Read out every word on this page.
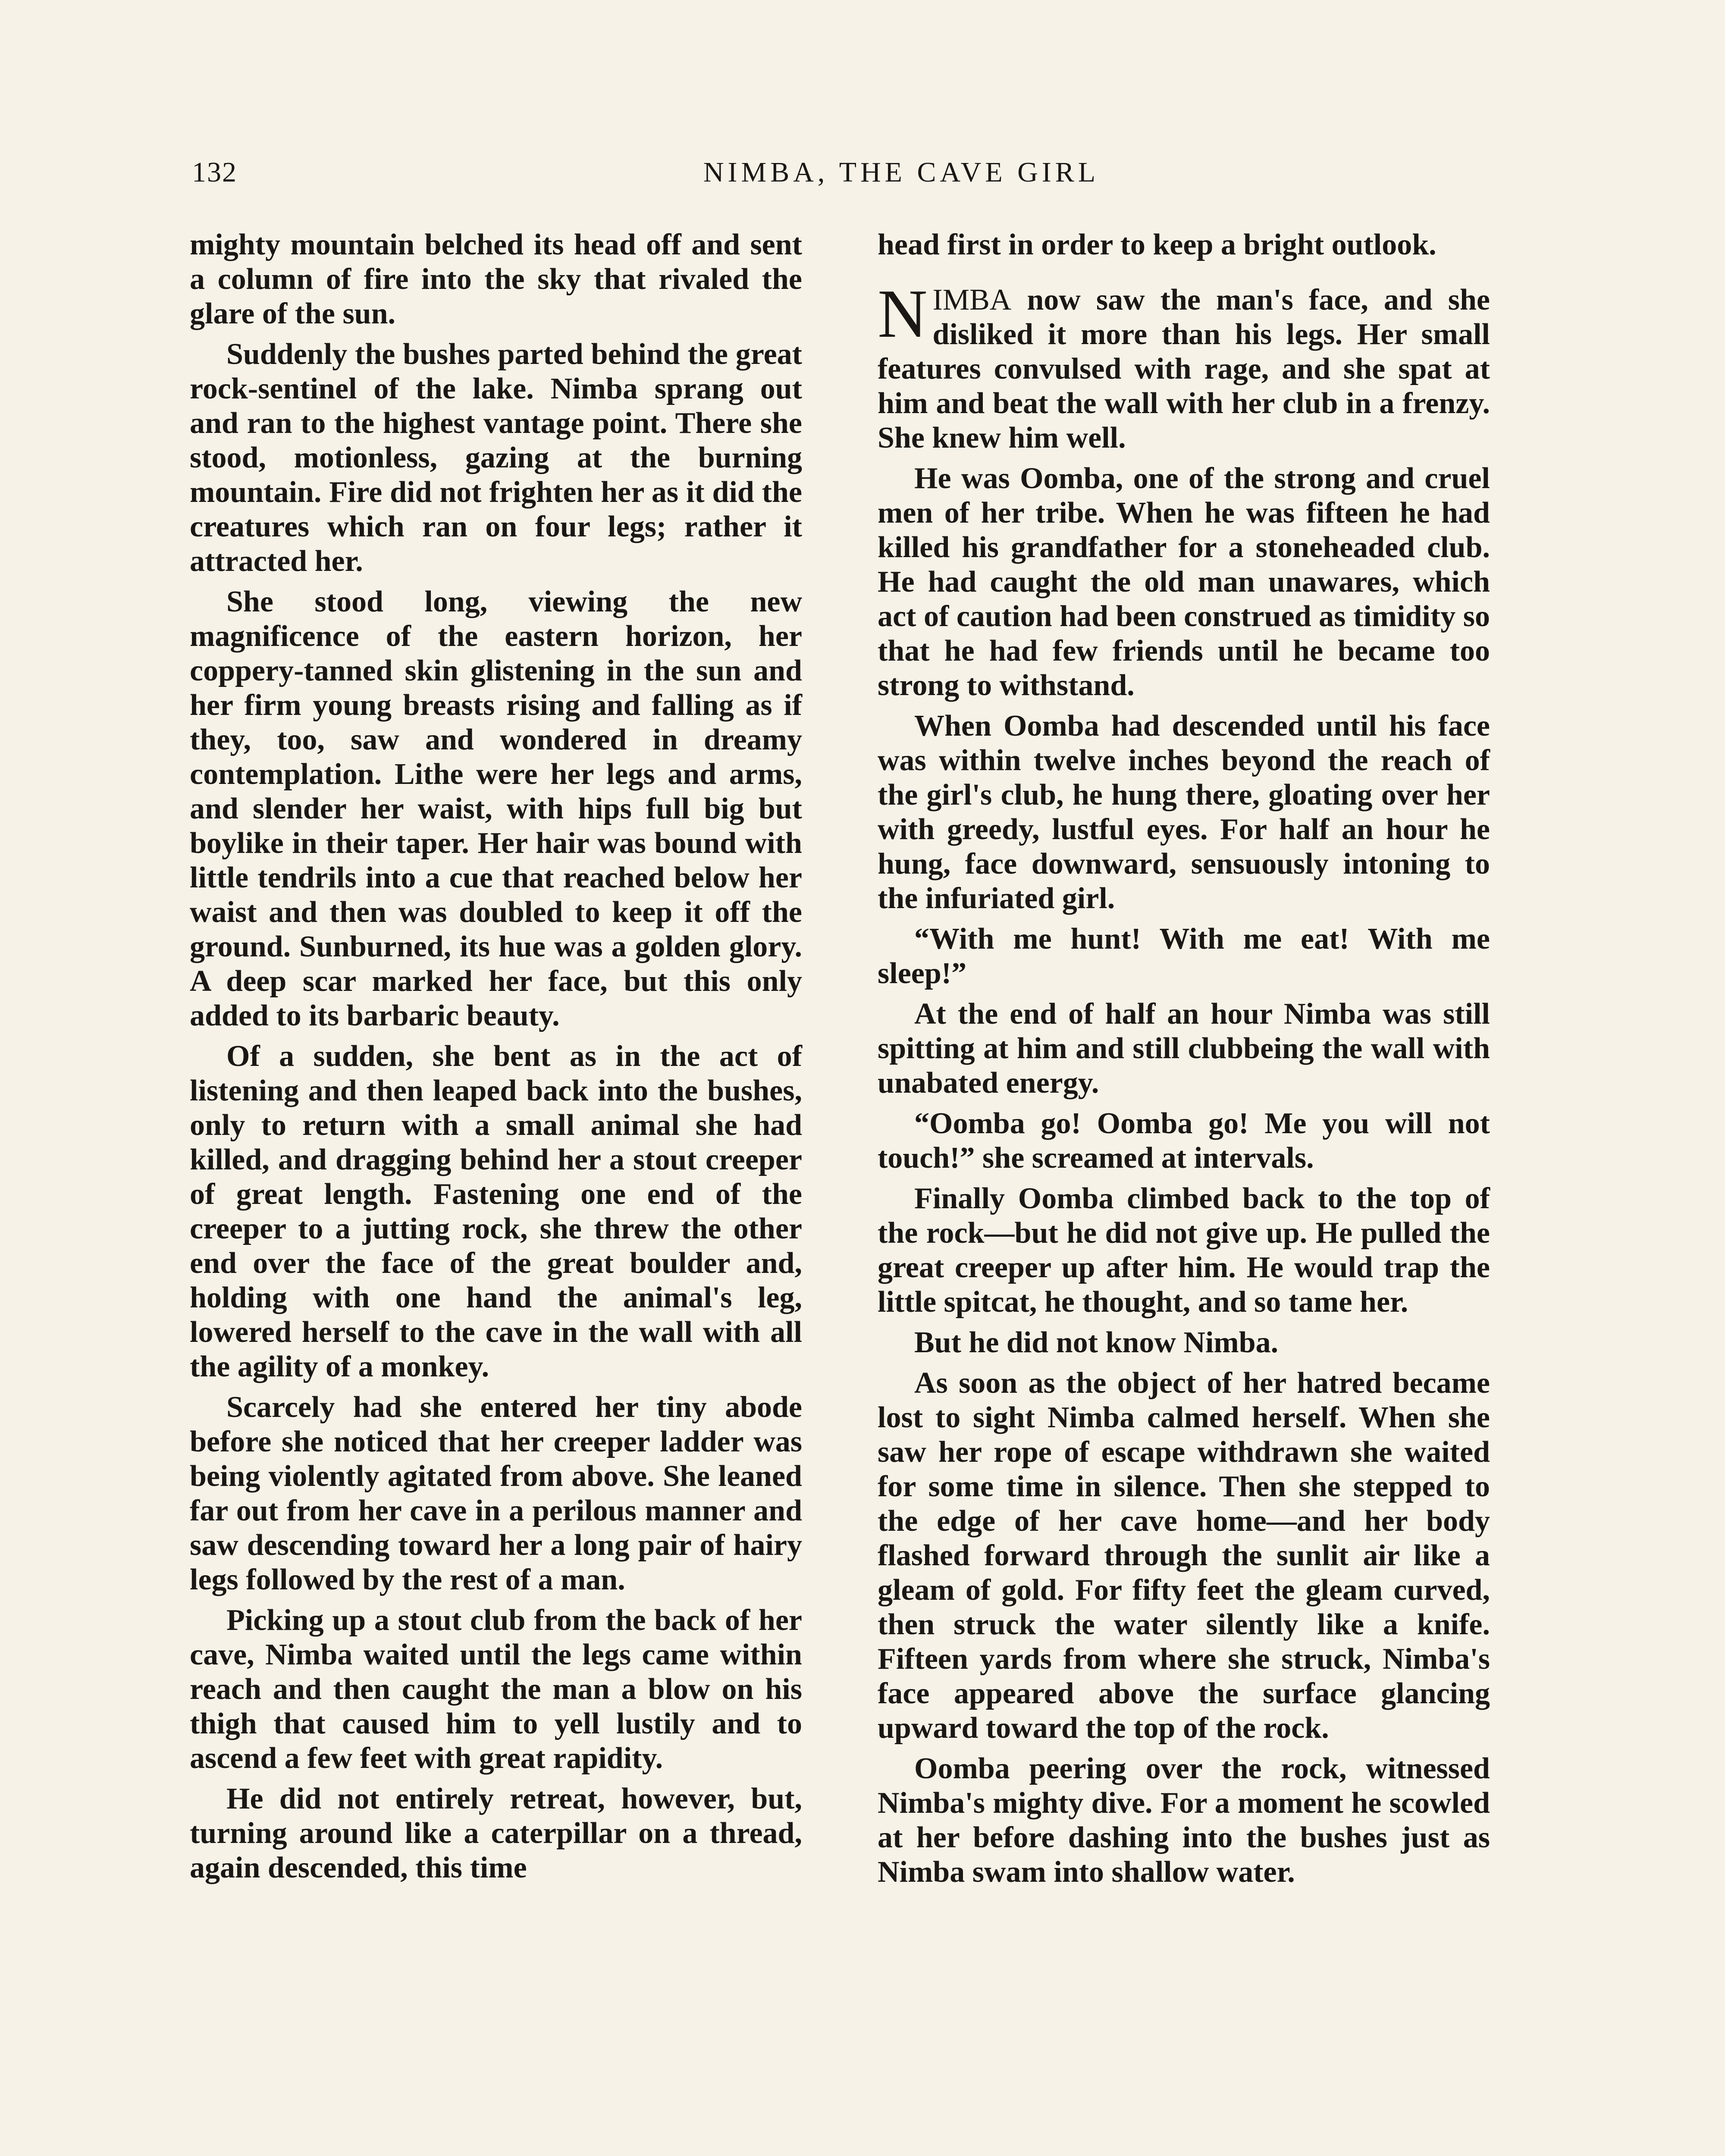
132	NIMBA, THE CAVE GIRL

mighty mountain belched its head off and sent a column of fire into the sky that rivaled the glare of the sun.

Suddenly the bushes parted behind the great rock-sentinel of the lake. Nimba sprang out and ran to the highest vantage point. There she stood, motionless, gazing at the burning mountain. Fire did not frighten her as it did the creatures which ran on four legs; rather it attracted her.

She stood long, viewing the new magnificence of the eastern horizon, her coppery-tanned skin glistening in the sun and her firm young breasts rising and falling as if they, too, saw and wondered in dreamy contemplation. Lithe were her legs and arms, and slender her waist, with hips full big but boylike in their taper. Her hair was bound with little tendrils into a cue that reached below her waist and then was doubled to keep it off the ground. Sunburned, its hue was a golden glory. A deep scar marked her face, but this only added to its barbaric beauty.

Of a sudden, she bent as in the act of listening and then leaped back into the bushes, only to return with a small animal she had killed, and dragging behind her a stout creeper of great length. Fastening one end of the creeper to a jutting rock, she threw the other end over the face of the great boulder and, holding with one hand the animal's leg, lowered herself to the cave in the wall with all the agility of a monkey.

Scarcely had she entered her tiny abode before she noticed that her creeper ladder was being violently agitated from above. She leaned far out from her cave in a perilous manner and saw descending toward her a long pair of hairy legs followed by the rest of a man.

Picking up a stout club from the back of her cave, Nimba waited until the legs came within reach and then caught the man a blow on his thigh that caused him to yell lustily and to ascend a few feet with great rapidity.

He did not entirely retreat, however, but, turning around like a caterpillar on a thread, again descended, this time

head first in order to keep a bright outlook.

NIMBA now saw the man's face, and she disliked it more than his legs. Her small features convulsed with rage, and she spat at him and beat the wall with her club in a frenzy. She knew him well.

He was Oomba, one of the strong and cruel men of her tribe. When he was fifteen he had killed his grandfather for a stoneheaded club. He had caught the old man unawares, which act of caution had been construed as timidity so that he had few friends until he became too strong to withstand.

When Oomba had descended until his face was within twelve inches beyond the reach of the girl's club, he hung there, gloating over her with greedy, lustful eyes. For half an hour he hung, face downward, sensuously intoning to the infuriated girl.

“With me hunt! With me eat! With me sleep!”

At the end of half an hour Nimba was still spitting at him and still clubbeing the wall with unabated energy.

“Oomba go! Oomba go! Me you will not touch!” she screamed at intervals.

Finally Oomba climbed back to the top of the rock—but he did not give up. He pulled the great creeper up after him. He would trap the little spitcat, he thought, and so tame her.

But he did not know Nimba.

As soon as the object of her hatred became lost to sight Nimba calmed herself. When she saw her rope of escape withdrawn she waited for some time in silence. Then she stepped to the edge of her cave home—and her body flashed forward through the sunlit air like a gleam of gold. For fifty feet the gleam curved, then struck the water silently like a knife. Fifteen yards from where she struck, Nimba's face appeared above the surface glancing upward toward the top of the rock.

Oomba peering over the rock, witnessed Nimba's mighty dive. For a moment he scowled at her before dashing into the bushes just as Nimba swam into shallow water.
